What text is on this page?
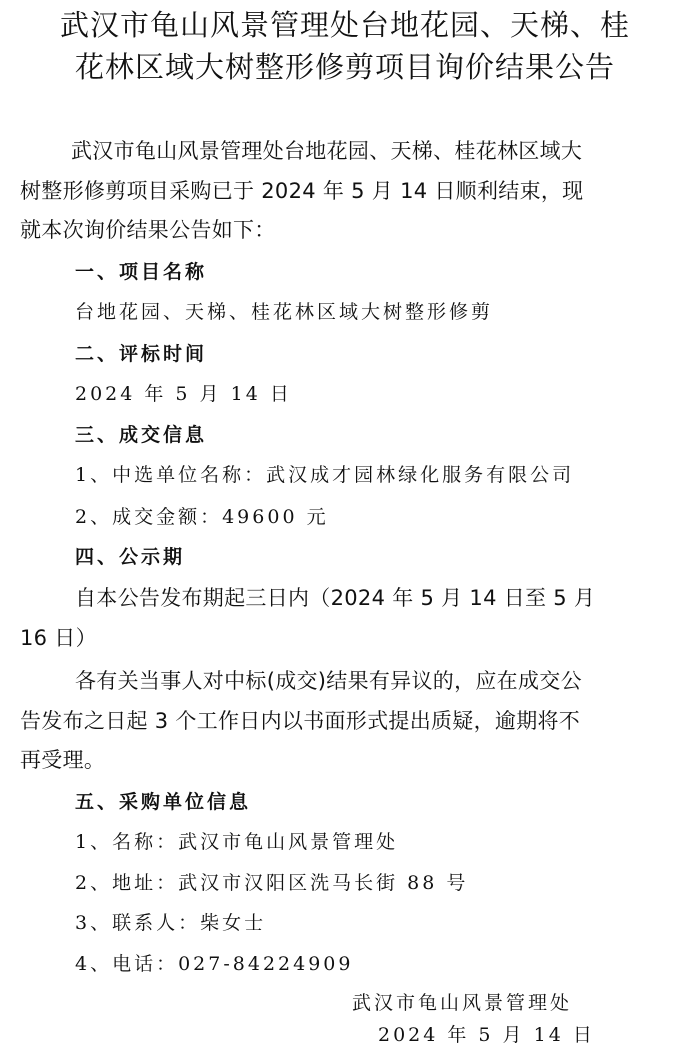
武汉市龟山风景管理处台地花园、天梯、桂
花林区域大树整形修剪项目询价结果公告
武汉市龟山风景管理处台地花园、天梯、桂花林区域大
树整形修剪项目采购已于 2024 年 5 月 14 日顺利结束，现
就本次询价结果公告如下：
一、项目名称
台地花园、天梯、桂花林区域大树整形修剪
二、评标时间
2024 年 5 月 14 日
三、成交信息
1、中选单位名称：武汉成才园林绿化服务有限公司
2、成交金额：49600 元
四、公示期
自本公告发布期起三日内（2024 年 5 月 14 日至 5 月
16 日）
各有关当事人对中标(成交)结果有异议的，应在成交公
告发布之日起 3 个工作日内以书面形式提出质疑，逾期将不
再受理。
五、采购单位信息
1、名称：武汉市龟山风景管理处
2、地址：武汉市汉阳区洗马长街 88 号
3、联系人：柴女士
4、电话：027-84224909
武汉市龟山风景管理处
2024 年 5 月 14 日
